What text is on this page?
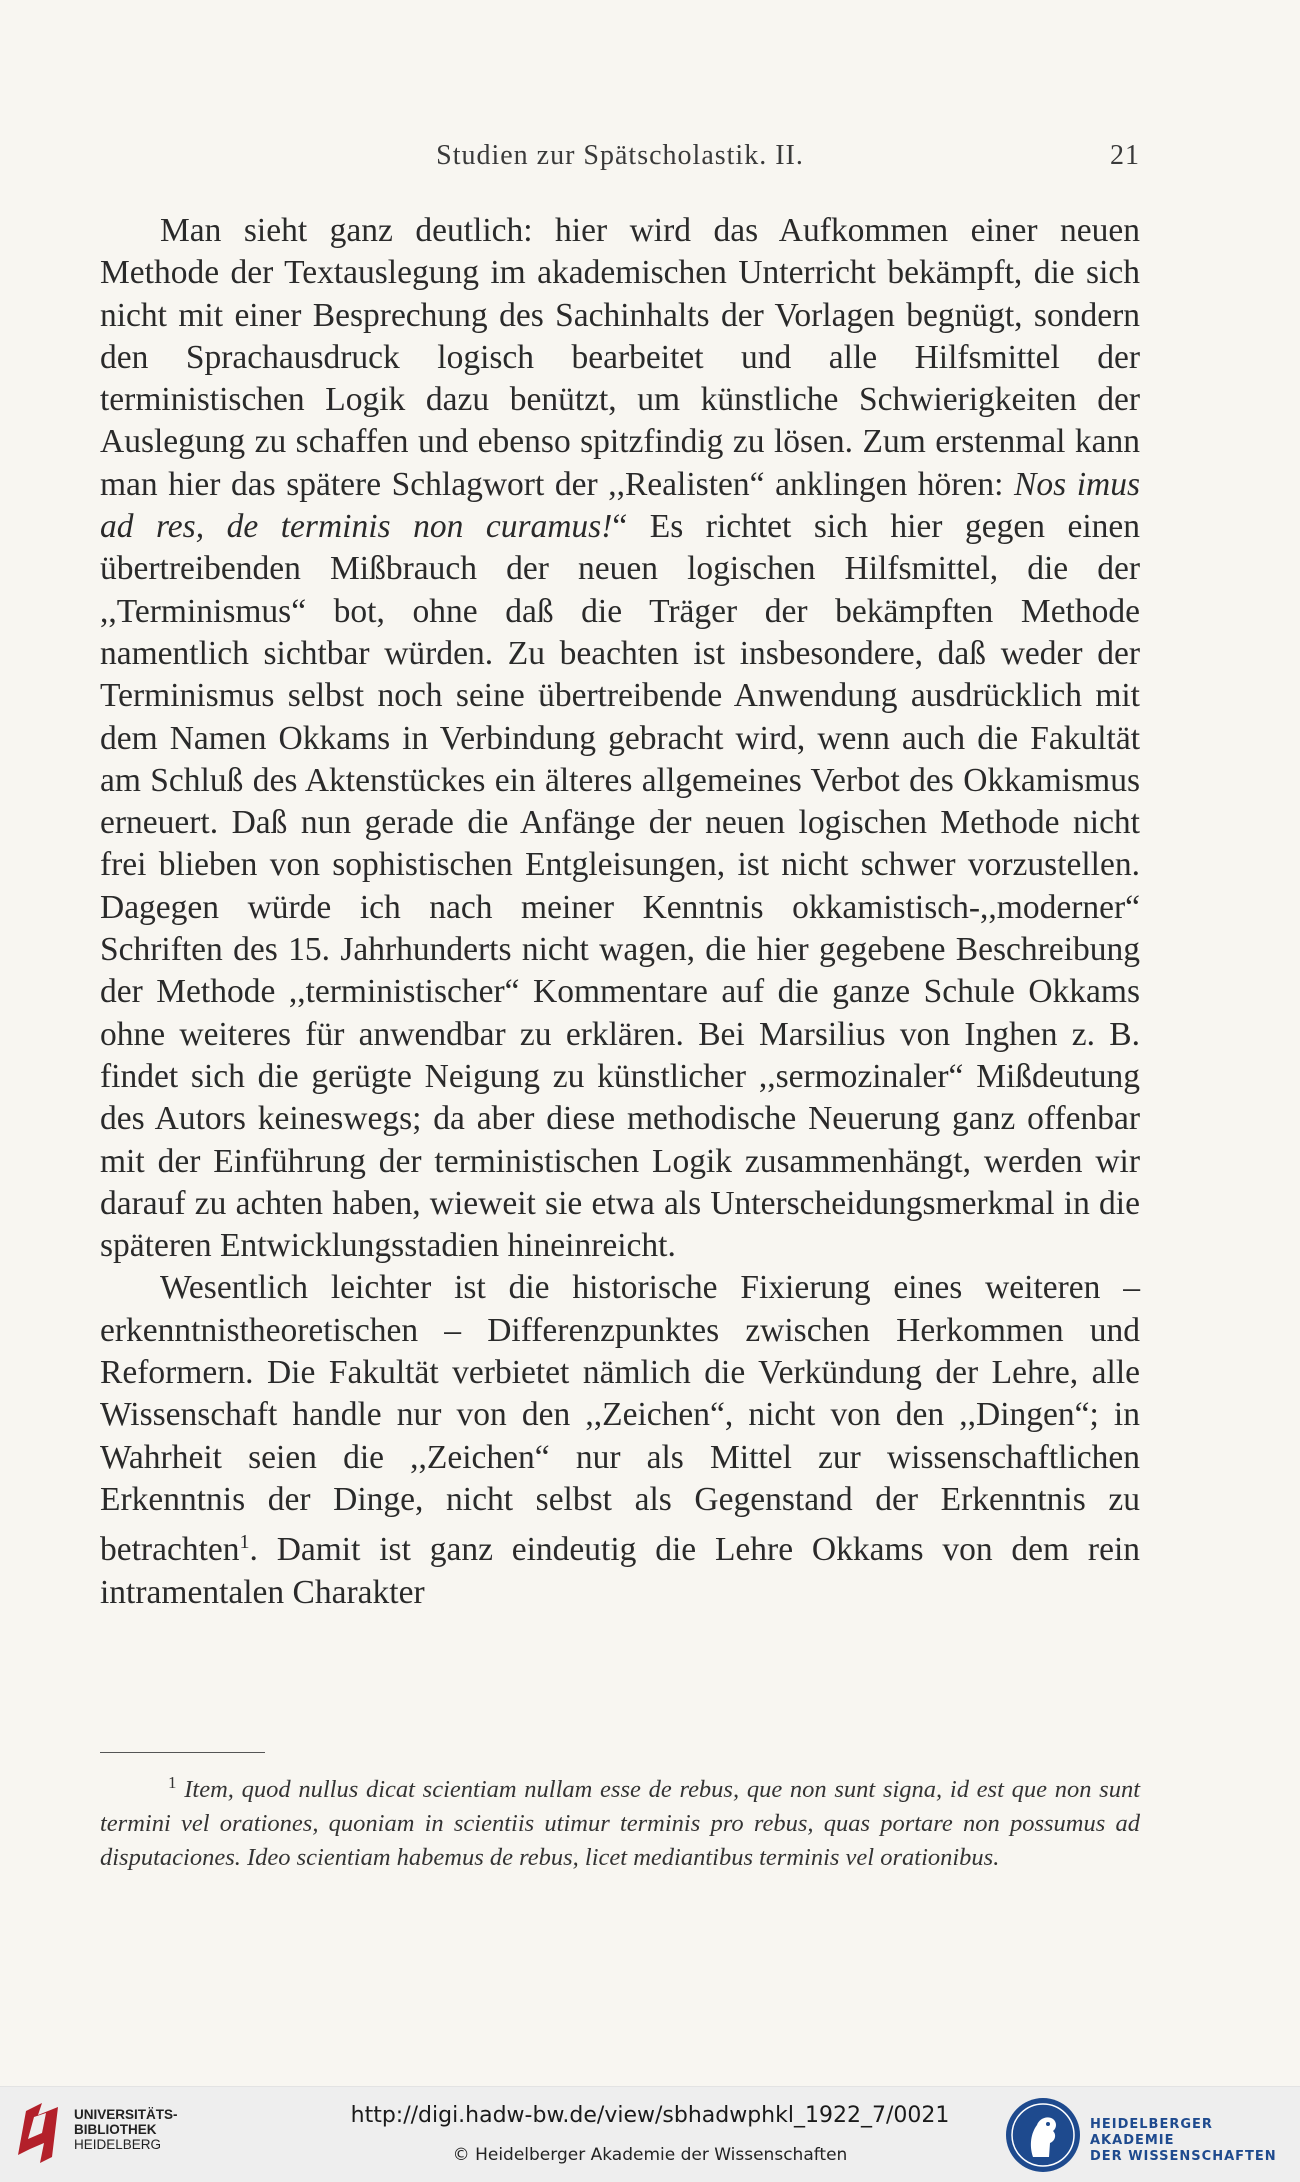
Studien zur Spätscholastik. II.	21

Man sieht ganz deutlich: hier wird das Aufkommen einer neuen Methode der Textauslegung im akademischen Unterricht bekämpft, die sich nicht mit einer Besprechung des Sachinhalts der Vorlagen begnügt, sondern den Sprachausdruck logisch bearbeitet und alle Hilfsmittel der terministischen Logik dazu benützt, um künstliche Schwierigkeiten der Auslegung zu schaffen und ebenso spitzfindig zu lösen. Zum erstenmal kann man hier das spätere Schlagwort der ,,Realisten“ anklingen hören: Nos imus ad res, de terminis non curamus!“ Es richtet sich hier gegen einen übertreibenden Mißbrauch der neuen logischen Hilfsmittel, die der ,,Terminismus“ bot, ohne daß die Träger der bekämpften Methode namentlich sichtbar würden. Zu beachten ist insbesondere, daß weder der Terminismus selbst noch seine übertreibende Anwendung ausdrücklich mit dem Namen Okkams in Verbindung gebracht wird, wenn auch die Fakultät am Schluß des Aktenstückes ein älteres allgemeines Verbot des Okkamismus erneuert. Daß nun gerade die Anfänge der neuen logischen Methode nicht frei blieben von sophistischen Entgleisungen, ist nicht schwer vorzustellen. Dagegen würde ich nach meiner Kenntnis okkamistisch-,,moderner“ Schriften des 15. Jahrhunderts nicht wagen, die hier gegebene Beschreibung der Methode ,,terministischer“ Kommentare auf die ganze Schule Okkams ohne weiteres für anwendbar zu erklären. Bei Marsilius von Inghen z. B. findet sich die gerügte Neigung zu künstlicher ,,sermozinaler“ Mißdeutung des Autors keineswegs; da aber diese methodische Neuerung ganz offenbar mit der Einführung der terministischen Logik zusammenhängt, werden wir darauf zu achten haben, wieweit sie etwa als Unterscheidungsmerkmal in die späteren Entwicklungsstadien hineinreicht.

Wesentlich leichter ist die historische Fixierung eines weiteren – erkenntnistheoretischen – Differenzpunktes zwischen Herkommen und Reformern. Die Fakultät verbietet nämlich die Verkündung der Lehre, alle Wissenschaft handle nur von den ,,Zeichen“, nicht von den ,,Dingen“; in Wahrheit seien die ,,Zeichen“ nur als Mittel zur wissenschaftlichen Erkenntnis der Dinge, nicht selbst als Gegenstand der Erkenntnis zu betrachten$^1$. Damit ist ganz eindeutig die Lehre Okkams von dem rein intramentalen Charakter

$^1$ Item, quod nullus dicat scientiam nullam esse de rebus, que non sunt signa, id est que non sunt termini vel orationes, quoniam in scientiis utimur terminis pro rebus, quas portare non possumus ad disputaciones. Ideo scientiam habemus de rebus, licet mediantibus terminis vel orationibus.
UNIVERSITÄTS-
BIBLIOTHEK
HEIDELBERG
http://digi.hadw-bw.de/view/sbhadwphkl_1922_7/0021
© Heidelberger Akademie der Wissenschaften
HEIDELBERGER AKADEMIE
DER WISSENSCHAFTEN
